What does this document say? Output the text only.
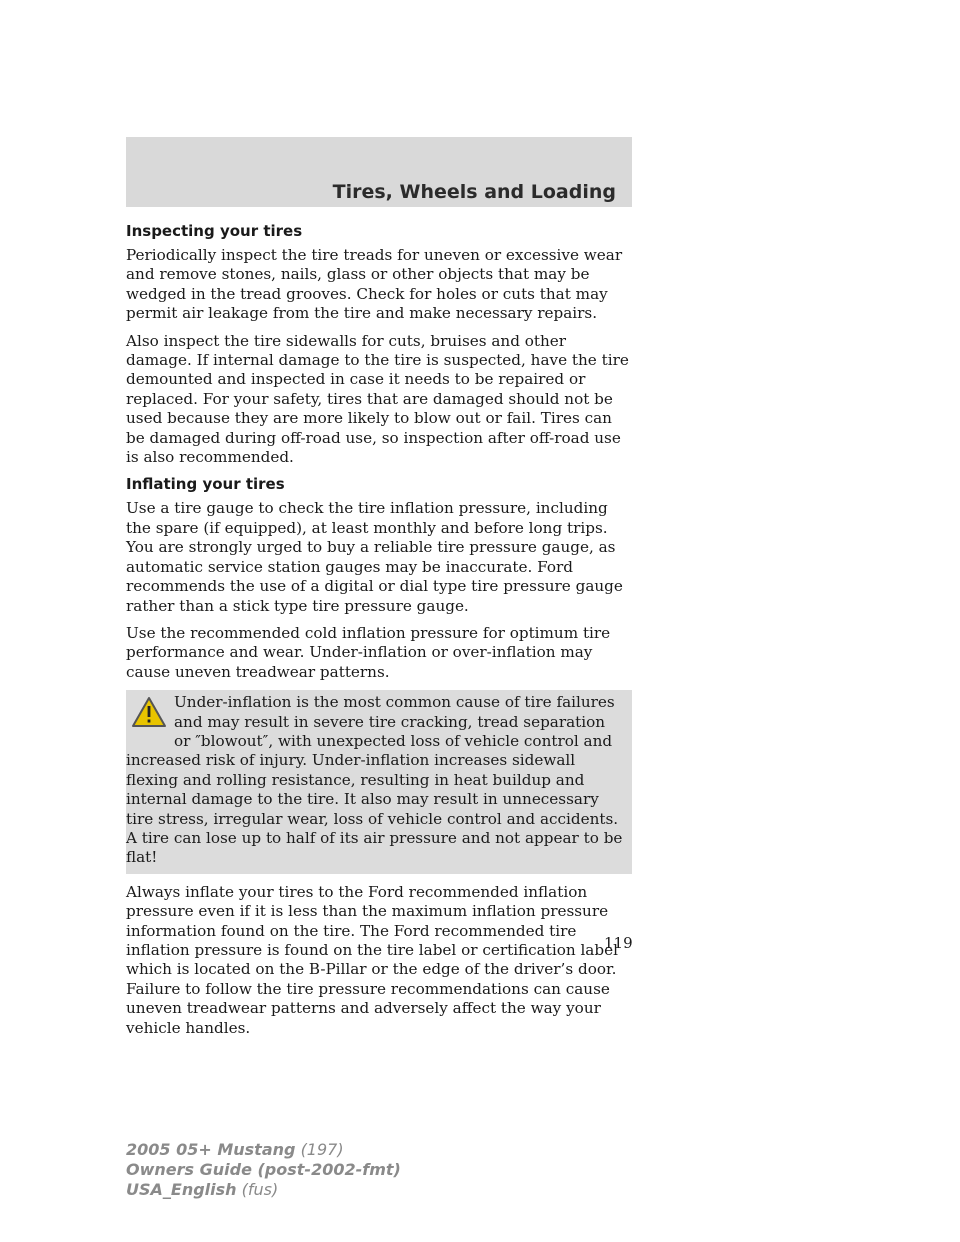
Tires, Wheels and Loading
Inspecting your tires

Periodically inspect the tire treads for uneven or excessive wear and remove stones, nails, glass or other objects that may be wedged in the tread grooves. Check for holes or cuts that may permit air leakage from the tire and make necessary repairs.

Also inspect the tire sidewalls for cuts, bruises and other damage. If internal damage to the tire is suspected, have the tire demounted and inspected in case it needs to be repaired or replaced. For your safety, tires that are damaged should not be used because they are more likely to blow out or fail. Tires can be damaged during off-road use, so inspection after off-road use is also recommended.

Inflating your tires

Use a tire gauge to check the tire inflation pressure, including the spare (if equipped), at least monthly and before long trips. You are strongly urged to buy a reliable tire pressure gauge, as automatic service station gauges may be inaccurate. Ford recommends the use of a digital or dial type tire pressure gauge rather than a stick type tire pressure gauge.

Use the recommended cold inflation pressure for optimum tire performance and wear. Under-inflation or over-inflation may cause uneven treadwear patterns.

Under-inflation is the most common cause of tire failures and may result in severe tire cracking, tread separation or ″blowout″, with unexpected loss of vehicle control and increased risk of injury. Under-inflation increases sidewall flexing and rolling resistance, resulting in heat buildup and internal damage to the tire. It also may result in unnecessary tire stress, irregular wear, loss of vehicle control and accidents. A tire can lose up to half of its air pressure and not appear to be flat!

Always inflate your tires to the Ford recommended inflation pressure even if it is less than the maximum inflation pressure information found on the tire. The Ford recommended tire inflation pressure is found on the tire label or certification label which is located on the B-Pillar or the edge of the driver’s door. Failure to follow the tire pressure recommendations can cause uneven treadwear patterns and adversely affect the way your vehicle handles.

119
2005 05+ Mustang (197)
Owners Guide (post-2002-fmt)
USA_English (fus)
